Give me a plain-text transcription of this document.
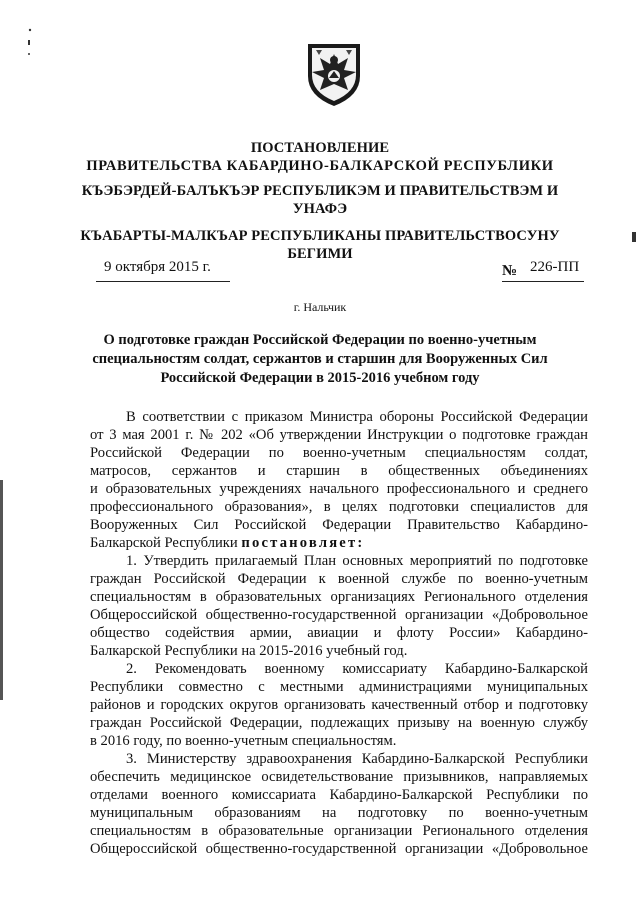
ПОСТАНОВЛЕНИЕ
ПРАВИТЕЛЬСТВА КАБАРДИНО-БАЛКАРСКОЙ РЕСПУБЛИКИ
КЪЭБЭРДЕЙ-БАЛЪКЪЭР РЕСПУБЛИКЭМ И ПРАВИТЕЛЬСТВЭМ И
УНАФЭ
КЪАБАРТЫ-МАЛКЪАР РЕСПУБЛИКАНЫ ПРАВИТЕЛЬСТВОСУНУ
БЕГИМИ
9 октября 2015 г.	№ 226-ПП
г. Нальчик
О подготовке граждан Российской Федерации по военно-учетным
специальностям солдат, сержантов и старшин для Вооруженных Сил
Российской Федерации в 2015-2016 учебном году
В соответствии с приказом Министра обороны Российской Федерации
от 3 мая 2001 г. № 202 «Об утверждении Инструкции о подготовке граждан
Российской Федерации по военно-учетным специальностям солдат,
матросов, сержантов и старшин в общественных объединениях
и образовательных учреждениях начального профессионального и среднего
профессионального образования», в целях подготовки специалистов для
Вооруженных Сил Российской Федерации Правительство Кабардино-
Балкарской Республики постановляет:
1. Утвердить прилагаемый План основных мероприятий по подготовке
граждан Российской Федерации к военной службе по военно-учетным
специальностям в образовательных организациях Регионального отделения
Общероссийской общественно-государственной организации «Добровольное
общество содействия армии, авиации и флоту России» Кабардино-
Балкарской Республики на 2015-2016 учебный год.
2. Рекомендовать военному комиссариату Кабардино-Балкарской
Республики совместно с местными администрациями муниципальных
районов и городских округов организовать качественный отбор и подготовку
граждан Российской Федерации, подлежащих призыву на военную службу
в 2016 году, по военно-учетным специальностям.
3. Министерству здравоохранения Кабардино-Балкарской Республики
обеспечить медицинское освидетельствование призывников, направляемых
отделами военного комиссариата Кабардино-Балкарской Республики по
муниципальным образованиям на подготовку по военно-учетным
специальностям в образовательные организации Регионального отделения
Общероссийской общественно-государственной организации «Добровольное
